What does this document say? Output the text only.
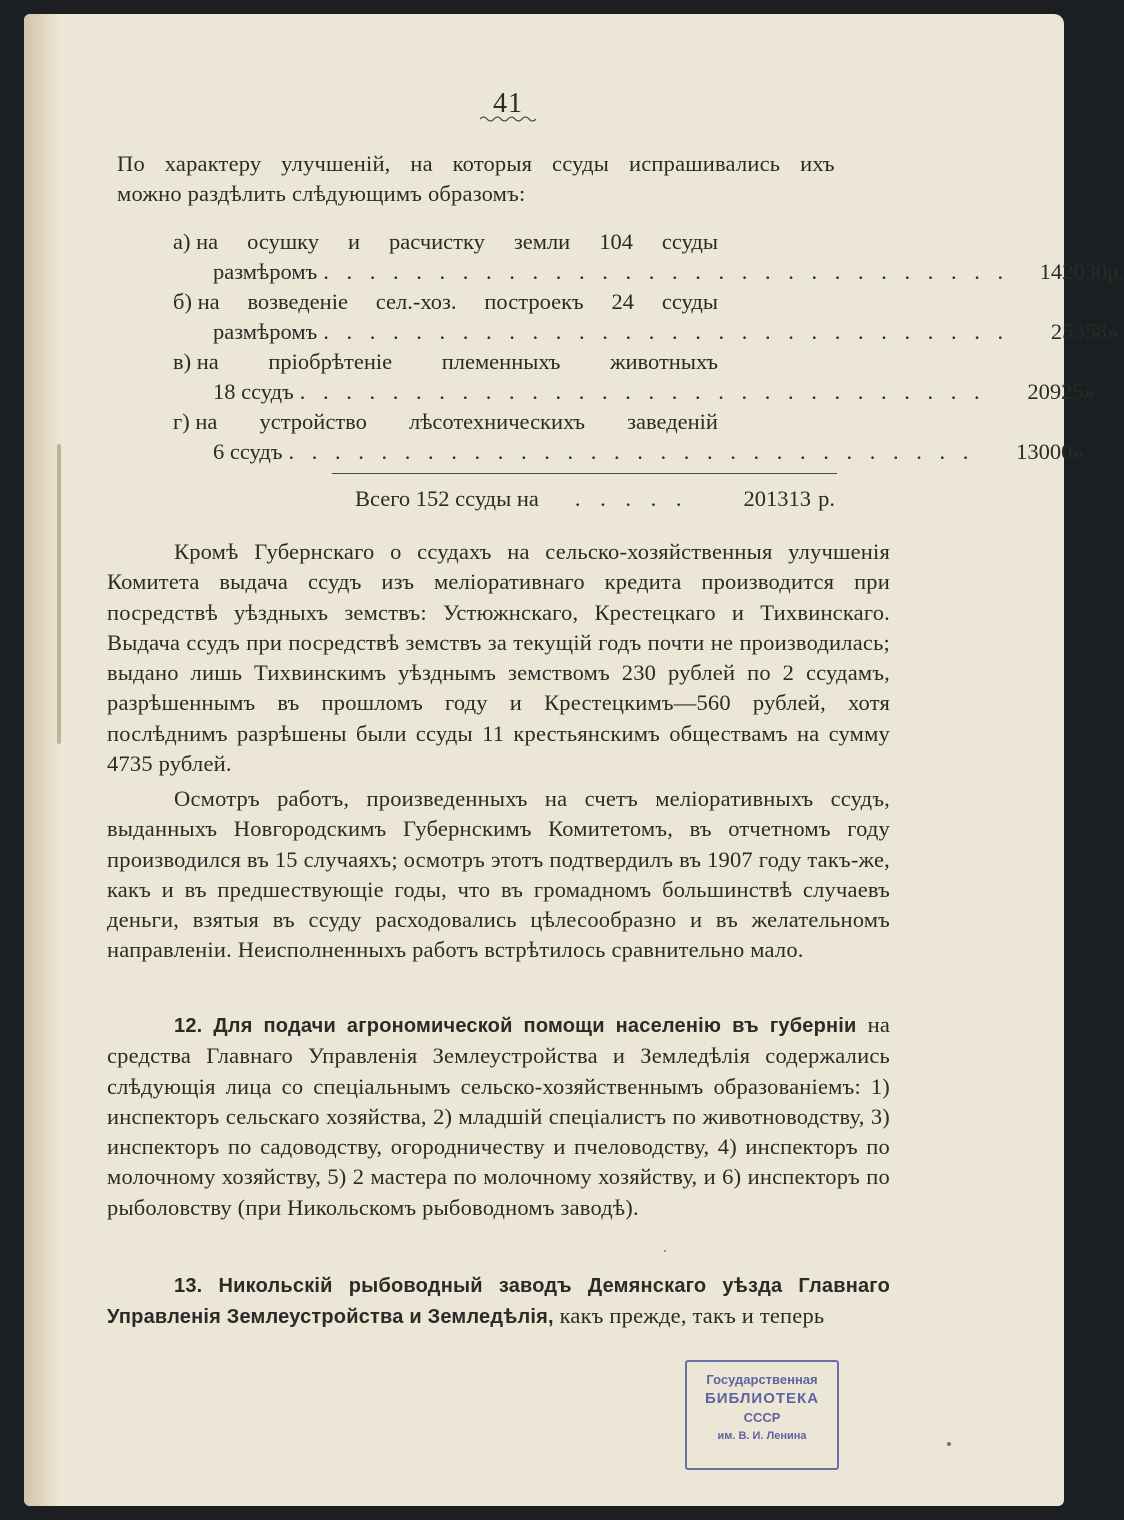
41
По характеру улучшеній, на которыя ссуды испрашивались ихъ
можно раздѣлить слѣдующимъ образомъ:
а) на осушку и расчистку земли 104 ссуды
размѣромъ . . . . . . . . . . . . . . . . . . . . . . . . . . . . . .	142030 р.
б) на возведеніе сел.-хоз. построекъ 24 ссуды
размѣромъ . . . . . . . . . . . . . . . . . . . . . . . . . . . . . .	25358 »
в) на пріобрѣтеніе племенныхъ животныхъ
18 ссудъ . . . . . . . . . . . . . . . . . . . . . . . . . . . . . .	20925 »
г) на устройство лѣсотехническихъ заведеній
6 ссудъ . . . . . . . . . . . . . . . . . . . . . . . . . . . . . .	13000 »
Всего 152 ссуды на	. . . . .	201313 р.

Кромѣ Губернскаго о ссудахъ на сельско-хозяйственныя улучшенія Комитета выдача ссудъ изъ меліоративнаго кредита производится при посредствѣ уѣздныхъ земствъ: Устюжнскаго, Крестецкаго и Тихвинскаго. Выдача ссудъ при посредствѣ земствъ за текущій годъ почти не производилась; выдано лишь Тихвинскимъ уѣзднымъ земствомъ 230 рублей по 2 ссудамъ, разрѣшеннымъ въ прошломъ году и Крестецкимъ—560 рублей, хотя послѣднимъ разрѣшены были ссуды 11 крестьянскимъ обществамъ на сумму 4735 рублей.

Осмотръ работъ, произведенныхъ на счетъ меліоративныхъ ссудъ, выданныхъ Новгородскимъ Губернскимъ Комитетомъ, въ отчетномъ году производился въ 15 случаяхъ; осмотръ этотъ подтвердилъ въ 1907 году такъ-же, какъ и въ предшествующіе годы, что въ громадномъ большинствѣ случаевъ деньги, взятыя въ ссуду расходовались цѣлесообразно и въ желательномъ направленіи. Неисполненныхъ работъ встрѣтилось сравнительно мало.

12. Для подачи агрономической помощи населенію въ губерніи на средства Главнаго Управленія Землеустройства и Земледѣлія содержались слѣдующія лица со спеціальнымъ сельско-хозяйственнымъ образованіемъ: 1) инспекторъ сельскаго хозяйства, 2) младшій спеціалистъ по животноводству, 3) инспекторъ по садоводству, огородничеству и пчеловодству, 4) инспекторъ по молочному хозяйству, 5) 2 мастера по молочному хозяйству, и 6) инспекторъ по рыболовству (при Никольскомъ рыбоводномъ заводѣ).

13. Никольскій рыбоводный заводъ Демянскаго уѣзда Главнаго Управленія Землеустройства и Земледѣлія, какъ прежде, такъ и теперь

Государственная
БИБЛИОТЕКА
СССР
им. В. И. Ленина
